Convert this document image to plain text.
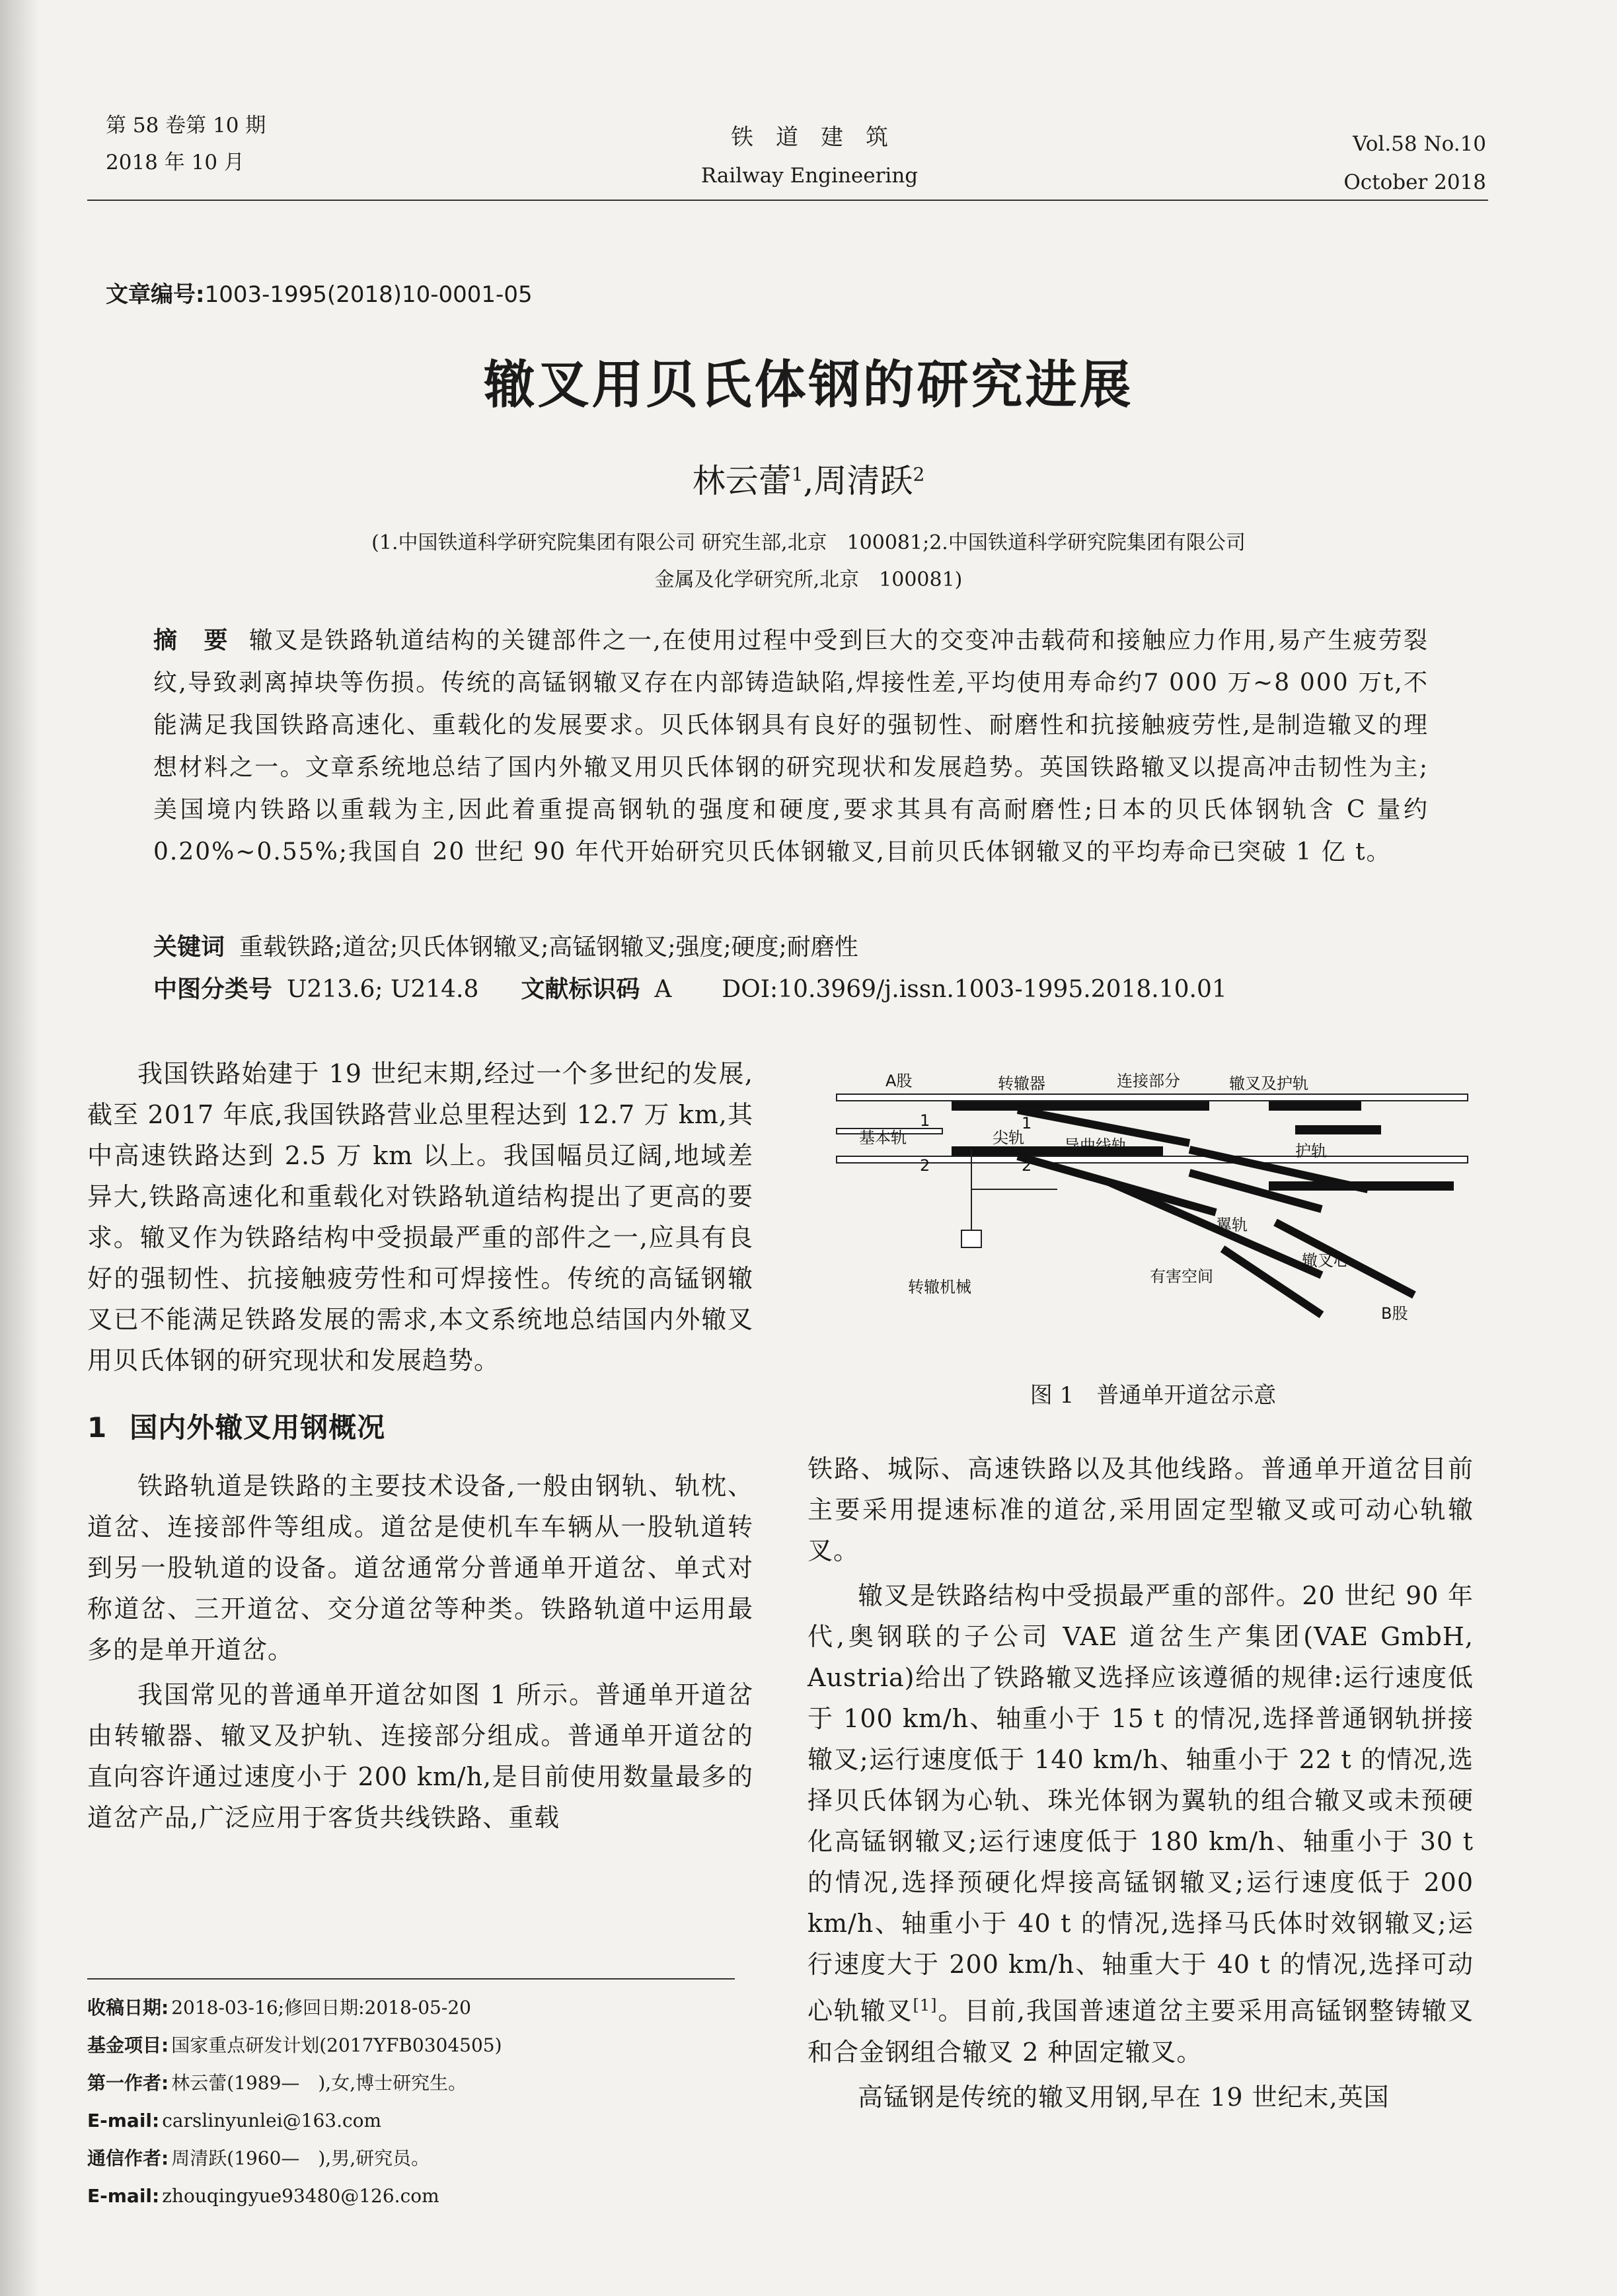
第 58 卷第 10 期
2018 年 10 月
铁　道　建　筑
Railway Engineering
Vol.58 No.10
October 2018
文章编号:1003-1995(2018)10-0001-05
辙叉用贝氏体钢的研究进展
林云蕾$^1$,周清跃$^2$
(1.中国铁道科学研究院集团有限公司 研究生部,北京　100081;2.中国铁道科学研究院集团有限公司
金属及化学研究所,北京　100081)
摘　要 辙叉是铁路轨道结构的关键部件之一,在使用过程中受到巨大的交变冲击载荷和接触应力作用,易产生疲劳裂纹,导致剥离掉块等伤损。传统的高锰钢辙叉存在内部铸造缺陷,焊接性差,平均使用寿命约7 000 万~8 000 万t,不能满足我国铁路高速化、重载化的发展要求。贝氏体钢具有良好的强韧性、耐磨性和抗接触疲劳性,是制造辙叉的理想材料之一。文章系统地总结了国内外辙叉用贝氏体钢的研究现状和发展趋势。英国铁路辙叉以提高冲击韧性为主;美国境内铁路以重载为主,因此着重提高钢轨的强度和硬度,要求其具有高耐磨性;日本的贝氏体钢轨含 C 量约 0.20%~0.55%;我国自 20 世纪 90 年代开始研究贝氏体钢辙叉,目前贝氏体钢辙叉的平均寿命已突破 1 亿 t。
关键词 重载铁路;道岔;贝氏体钢辙叉;高锰钢辙叉;强度;硬度;耐磨性
中图分类号 U213.6; U214.8 文献标识码 A DOI:10.3969/j.issn.1003-1995.2018.10.01

我国铁路始建于 19 世纪末期,经过一个多世纪的发展,截至 2017 年底,我国铁路营业总里程达到 12.7 万 km,其中高速铁路达到 2.5 万 km 以上。我国幅员辽阔,地域差异大,铁路高速化和重载化对铁路轨道结构提出了更高的要求。辙叉作为铁路结构中受损最严重的部件之一,应具有良好的强韧性、抗接触疲劳性和可焊接性。传统的高锰钢辙叉已不能满足铁路发展的需求,本文系统地总结国内外辙叉用贝氏体钢的研究现状和发展趋势。

1 国内外辙叉用钢概况

铁路轨道是铁路的主要技术设备,一般由钢轨、轨枕、道岔、连接部件等组成。道岔是使机车车辆从一股轨道转到另一股轨道的设备。道岔通常分普通单开道岔、单式对称道岔、三开道岔、交分道岔等种类。铁路轨道中运用最多的是单开道岔。

我国常见的普通单开道岔如图 1 所示。普通单开道岔由转辙器、辙叉及护轨、连接部分组成。普通单开道岔的直向容许通过速度小于 200 km/h,是目前使用数量最多的道岔产品,广泛应用于客货共线铁路、重载

收稿日期: 2018-03-16;修回日期:2018-05-20
基金项目: 国家重点研发计划(2017YFB0304505)
第一作者: 林云蕾(1989—　),女,博士研究生。
E-mail: carslinyunlei@163.com
通信作者: 周清跃(1960—　),男,研究员。
E-mail: zhouqingyue93480@126.com
A股	转辙器	连接部分	辙叉及护轨
基本轨	尖轨	导曲线轨	护轨
翼轨
转辙机械
有害空间
辙叉心
B股
1
2
1
2
图 1　普通单开道岔示意

铁路、城际、高速铁路以及其他线路。普通单开道岔目前主要采用提速标准的道岔,采用固定型辙叉或可动心轨辙叉。

辙叉是铁路结构中受损最严重的部件。20 世纪 90 年代,奥钢联的子公司 VAE 道岔生产集团(VAE GmbH, Austria)给出了铁路辙叉选择应该遵循的规律:运行速度低于 100 km/h、轴重小于 15 t 的情况,选择普通钢轨拼接辙叉;运行速度低于 140 km/h、轴重小于 22 t 的情况,选择贝氏体钢为心轨、珠光体钢为翼轨的组合辙叉或未预硬化高锰钢辙叉;运行速度低于 180 km/h、轴重小于 30 t 的情况,选择预硬化焊接高锰钢辙叉;运行速度低于 200 km/h、轴重小于 40 t 的情况,选择马氏体时效钢辙叉;运行速度大于 200 km/h、轴重大于 40 t 的情况,选择可动心轨辙叉[1]。目前,我国普速道岔主要采用高锰钢整铸辙叉和合金钢组合辙叉 2 种固定辙叉。

高锰钢是传统的辙叉用钢,早在 19 世纪末,英国
